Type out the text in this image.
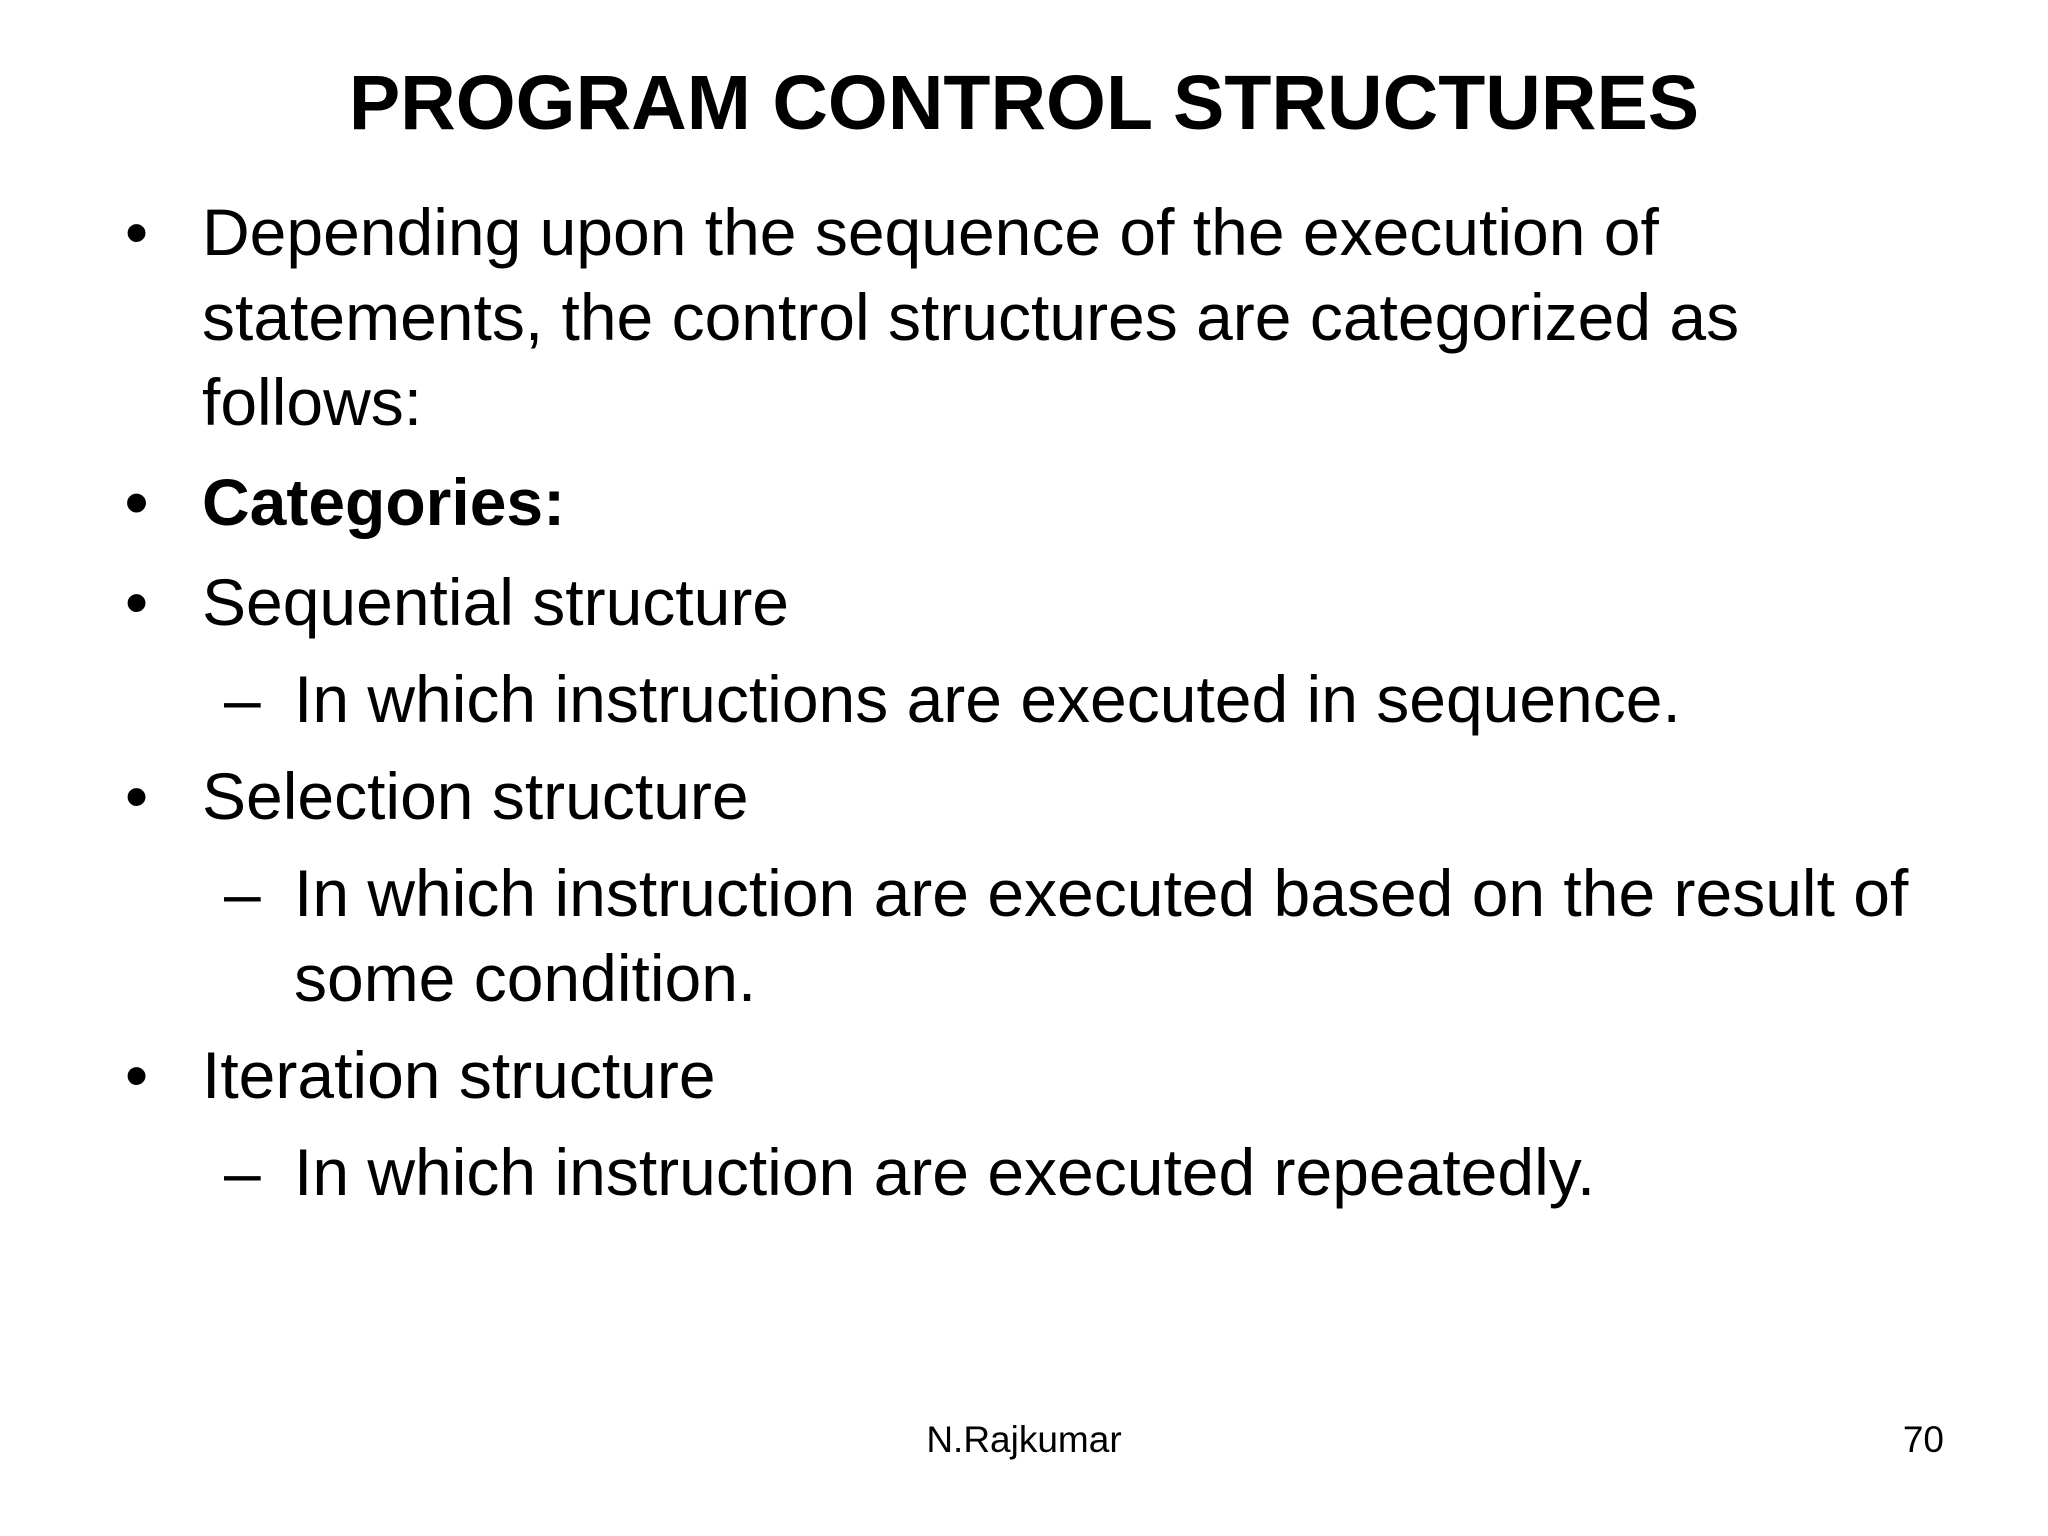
PROGRAM CONTROL STRUCTURES
• Depending upon the sequence of the execution of statements, the control structures are categorized as follows:
• Categories:
• Sequential structure
– In which instructions are executed in sequence.
• Selection structure
– In which instruction are executed based on the result of some condition.
• Iteration structure
– In which instruction are executed repeatedly.
N.Rajkumar	70
